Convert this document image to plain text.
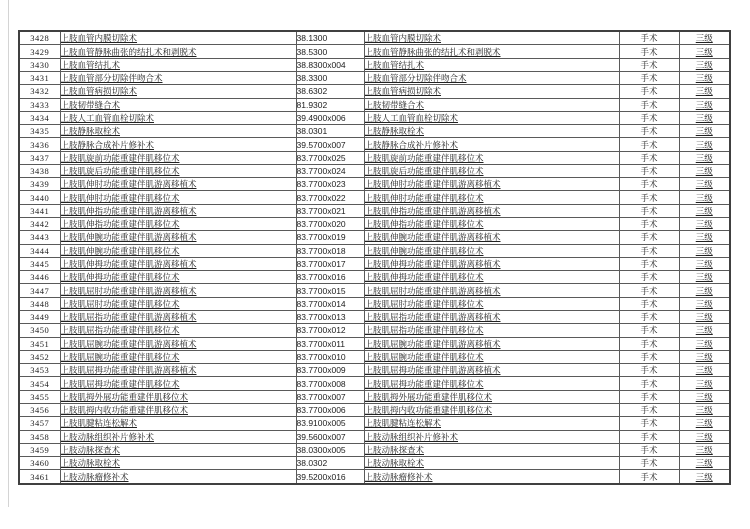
3428	上肢血管内膜切除术	38.1300	上肢血管内膜切除术	手术	三级
3429	上肢血管静脉曲张的结扎术和剥脱术	38.5300	上肢血管静脉曲张的结扎术和剥脱术	手术	三级
3430	上肢血管结扎术	38.8300x004	上肢血管结扎术	手术	三级
3431	上肢血管部分切除伴吻合术	38.3300	上肢血管部分切除伴吻合术	手术	三级
3432	上肢血管病损切除术	38.6302	上肢血管病损切除术	手术	三级
3433	上肢韧带缝合术	81.9302	上肢韧带缝合术	手术	三级
3434	上肢人工血管血栓切除术	39.4900x006	上肢人工血管血栓切除术	手术	三级
3435	上肢静脉取栓术	38.0301	上肢静脉取栓术	手术	三级
3436	上肢静脉合成补片修补术	39.5700x007	上肢静脉合成补片修补术	手术	三级
3437	上肢肌旋前功能重建伴肌移位术	83.7700x025	上肢肌旋前功能重建伴肌移位术	手术	三级
3438	上肢肌旋后功能重建伴肌移位术	83.7700x024	上肢肌旋后功能重建伴肌移位术	手术	三级
3439	上肢肌伸肘功能重建伴肌游离移植术	83.7700x023	上肢肌伸肘功能重建伴肌游离移植术	手术	三级
3440	上肢肌伸肘功能重建伴肌移位术	83.7700x022	上肢肌伸肘功能重建伴肌移位术	手术	三级
3441	上肢肌伸指功能重建伴肌游离移植术	83.7700x021	上肢肌伸指功能重建伴肌游离移植术	手术	三级
3442	上肢肌伸指功能重建伴肌移位术	83.7700x020	上肢肌伸指功能重建伴肌移位术	手术	三级
3443	上肢肌伸腕功能重建伴肌游离移植术	83.7700x019	上肢肌伸腕功能重建伴肌游离移植术	手术	三级
3444	上肢肌伸腕功能重建伴肌移位术	83.7700x018	上肢肌伸腕功能重建伴肌移位术	手术	三级
3445	上肢肌伸拇功能重建伴肌游离移植术	83.7700x017	上肢肌伸拇功能重建伴肌游离移植术	手术	三级
3446	上肢肌伸拇功能重建伴肌移位术	83.7700x016	上肢肌伸拇功能重建伴肌移位术	手术	三级
3447	上肢肌屈肘功能重建伴肌游离移植术	83.7700x015	上肢肌屈肘功能重建伴肌游离移植术	手术	三级
3448	上肢肌屈肘功能重建伴肌移位术	83.7700x014	上肢肌屈肘功能重建伴肌移位术	手术	三级
3449	上肢肌屈指功能重建伴肌游离移植术	83.7700x013	上肢肌屈指功能重建伴肌游离移植术	手术	三级
3450	上肢肌屈指功能重建伴肌移位术	83.7700x012	上肢肌屈指功能重建伴肌移位术	手术	三级
3451	上肢肌屈腕功能重建伴肌游离移植术	83.7700x011	上肢肌屈腕功能重建伴肌游离移植术	手术	三级
3452	上肢肌屈腕功能重建伴肌移位术	83.7700x010	上肢肌屈腕功能重建伴肌移位术	手术	三级
3453	上肢肌屈拇功能重建伴肌游离移植术	83.7700x009	上肢肌屈拇功能重建伴肌游离移植术	手术	三级
3454	上肢肌屈拇功能重建伴肌移位术	83.7700x008	上肢肌屈拇功能重建伴肌移位术	手术	三级
3455	上肢肌拇外展功能重建伴肌移位术	83.7700x007	上肢肌拇外展功能重建伴肌移位术	手术	三级
3456	上肢肌拇内收功能重建伴肌移位术	83.7700x006	上肢肌拇内收功能重建伴肌移位术	手术	三级
3457	上肢肌腱粘连松解术	83.9100x005	上肢肌腱粘连松解术	手术	三级
3458	上肢动脉组织补片修补术	39.5600x007	上肢动脉组织补片修补术	手术	三级
3459	上肢动脉探查术	38.0300x005	上肢动脉探查术	手术	三级
3460	上肢动脉取栓术	38.0302	上肢动脉取栓术	手术	三级
3461	上肢动脉瘤修补术	39.5200x016	上肢动脉瘤修补术	手术	三级
